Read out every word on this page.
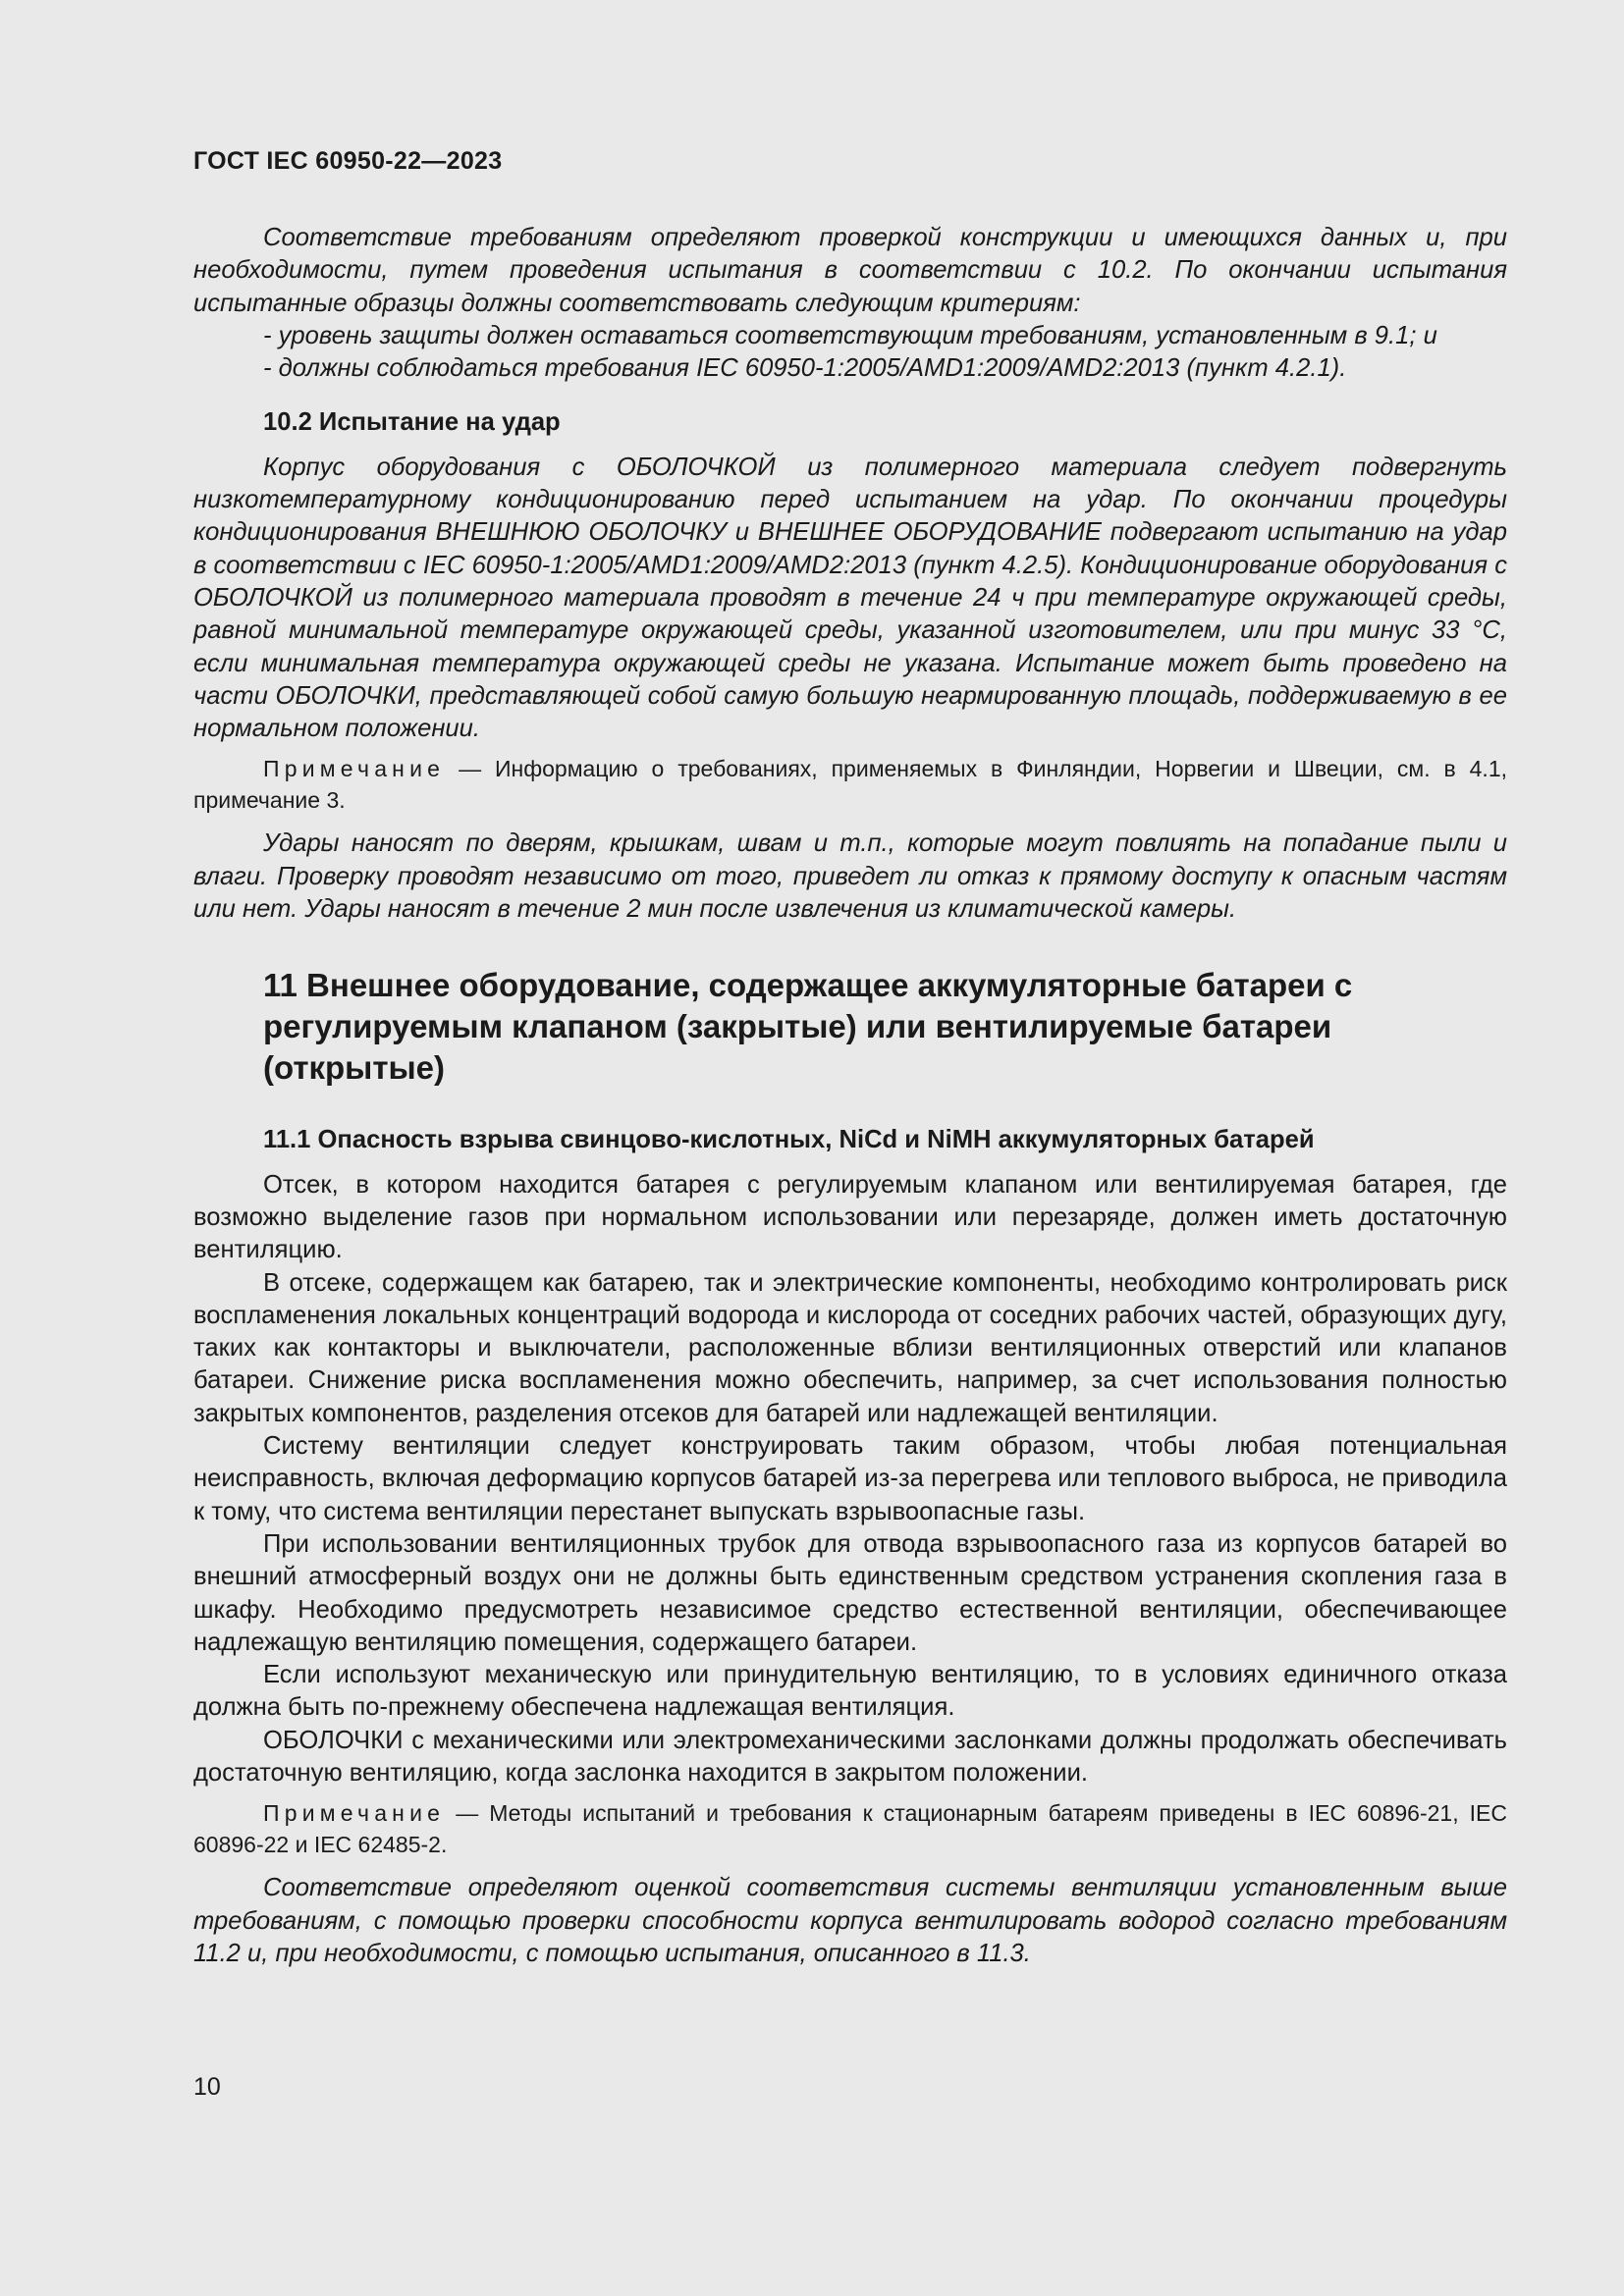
ГОСТ IEC 60950-22—2023

Соответствие требованиям определяют проверкой конструкции и имеющихся данных и, при необходимости, путем проведения испытания в соответствии с 10.2. По окончании испытания испытанные образцы должны соответствовать следующим критериям:

- уровень защиты должен оставаться соответствующим требованиям, установленным в 9.1; и

- должны соблюдаться требования IEC 60950-1:2005/AMD1:2009/AMD2:2013 (пункт 4.2.1).

10.2 Испытание на удар

Корпус оборудования с ОБОЛОЧКОЙ из полимерного материала следует подвергнуть низкотемпературному кондиционированию перед испытанием на удар. По окончании процедуры кондиционирования ВНЕШНЮЮ ОБОЛОЧКУ и ВНЕШНЕЕ ОБОРУДОВАНИЕ подвергают испытанию на удар в соответствии с IEC 60950-1:2005/AMD1:2009/AMD2:2013 (пункт 4.2.5). Кондиционирование оборудования с ОБОЛОЧКОЙ из полимерного материала проводят в течение 24 ч при температуре окружающей среды, равной минимальной температуре окружающей среды, указанной изготовителем, или при минус 33 °С, если минимальная температура окружающей среды не указана. Испытание может быть проведено на части ОБОЛОЧКИ, представляющей собой самую большую неармированную площадь, поддерживаемую в ее нормальном положении.

Примечание — Информацию о требованиях, применяемых в Финляндии, Норвегии и Швеции, см. в 4.1, примечание 3.

Удары наносят по дверям, крышкам, швам и т.п., которые могут повлиять на попадание пыли и влаги. Проверку проводят независимо от того, приведет ли отказ к прямому доступу к опасным частям или нет. Удары наносят в течение 2 мин после извлечения из климатической камеры.

11 Внешнее оборудование, содержащее аккумуляторные батареи с регулируемым клапаном (закрытые) или вентилируемые батареи (открытые)

11.1 Опасность взрыва свинцово-кислотных, NiCd и NiMH аккумуляторных батарей

Отсек, в котором находится батарея с регулируемым клапаном или вентилируемая батарея, где возможно выделение газов при нормальном использовании или перезаряде, должен иметь достаточную вентиляцию.

В отсеке, содержащем как батарею, так и электрические компоненты, необходимо контролировать риск воспламенения локальных концентраций водорода и кислорода от соседних рабочих частей, образующих дугу, таких как контакторы и выключатели, расположенные вблизи вентиляционных отверстий или клапанов батареи. Снижение риска воспламенения можно обеспечить, например, за счет использования полностью закрытых компонентов, разделения отсеков для батарей или надлежащей вентиляции.

Систему вентиляции следует конструировать таким образом, чтобы любая потенциальная неисправность, включая деформацию корпусов батарей из-за перегрева или теплового выброса, не приводила к тому, что система вентиляции перестанет выпускать взрывоопасные газы.

При использовании вентиляционных трубок для отвода взрывоопасного газа из корпусов батарей во внешний атмосферный воздух они не должны быть единственным средством устранения скопления газа в шкафу. Необходимо предусмотреть независимое средство естественной вентиляции, обеспечивающее надлежащую вентиляцию помещения, содержащего батареи.

Если используют механическую или принудительную вентиляцию, то в условиях единичного отказа должна быть по-прежнему обеспечена надлежащая вентиляция.

ОБОЛОЧКИ с механическими или электромеханическими заслонками должны продолжать обеспечивать достаточную вентиляцию, когда заслонка находится в закрытом положении.

Примечание — Методы испытаний и требования к стационарным батареям приведены в IEC 60896-21, IEC 60896-22 и IEC 62485-2.

Соответствие определяют оценкой соответствия системы вентиляции установленным выше требованиям, с помощью проверки способности корпуса вентилировать водород согласно требованиям 11.2 и, при необходимости, с помощью испытания, описанного в 11.3.

10
